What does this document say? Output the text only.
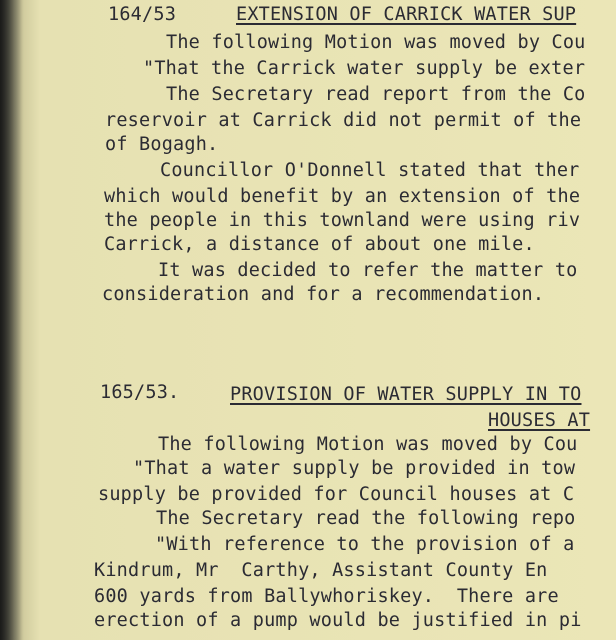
164/53	EXTENSION OF CARRICK WATER SUP
The following Motion was moved by Cou
"That the Carrick water supply be exter
The Secretary read report from the Co
reservoir at Carrick did not permit of the
of Bogagh.
Councillor O'Donnell stated that ther
which would benefit by an extension of the
the people in this townland were using riv
Carrick, a distance of about one mile.
It was decided to refer the matter to
consideration and for a recommendation.
165/53.	PROVISION OF WATER SUPPLY IN TO
HOUSES AT
The following Motion was moved by Cou
"That a water supply be provided in tow
supply be provided for Council houses at C
The Secretary read the following repo
"With reference to the provision of a
Kindrum, Mr  Carthy, Assistant County En
600 yards from Ballywhoriskey.  There are
erection of a pump would be justified in pi
